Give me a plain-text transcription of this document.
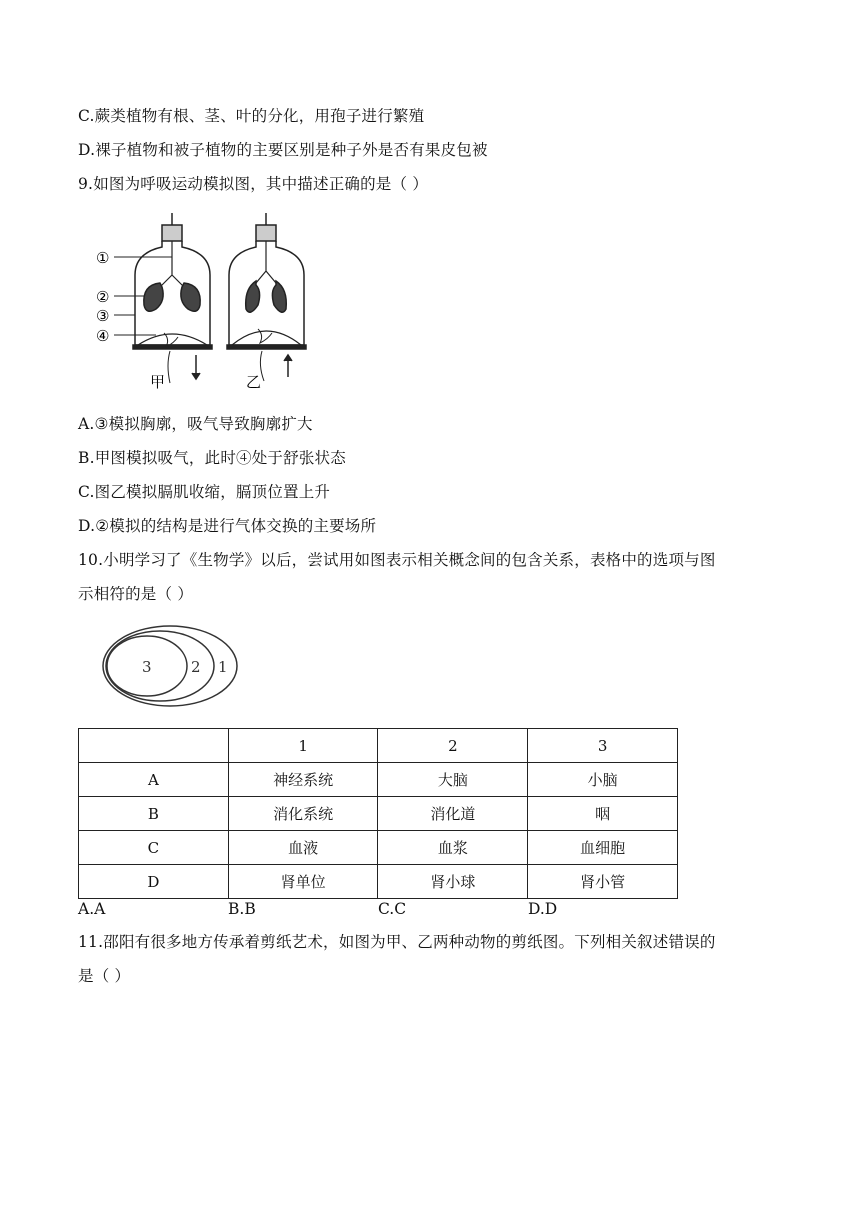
C.蕨类植物有根、茎、叶的分化，用孢子进行繁殖
D.裸子植物和被子植物的主要区别是种子外是否有果皮包被
9.如图为呼吸运动模拟图，其中描述正确的是（ ）
①
②
③
④
甲	乙
A.③模拟胸廓，吸气导致胸廓扩大
B.甲图模拟吸气，此时④处于舒张状态
C.图乙模拟膈肌收缩，膈顶位置上升
D.②模拟的结构是进行气体交换的主要场所
10.小明学习了《生物学》以后，尝试用如图表示相关概念间的包含关系，表格中的选项与图
示相符的是（ ）
3	2 1
	1	2	3
A	神经系统	大脑	小脑
B	消化系统	消化道	咽
C	血液	血浆	血细胞
D	肾单位	肾小球	肾小管
A.A	B.B	C.C	D.D
11.邵阳有很多地方传承着剪纸艺术，如图为甲、乙两种动物的剪纸图。下列相关叙述错误的
是（ ）
